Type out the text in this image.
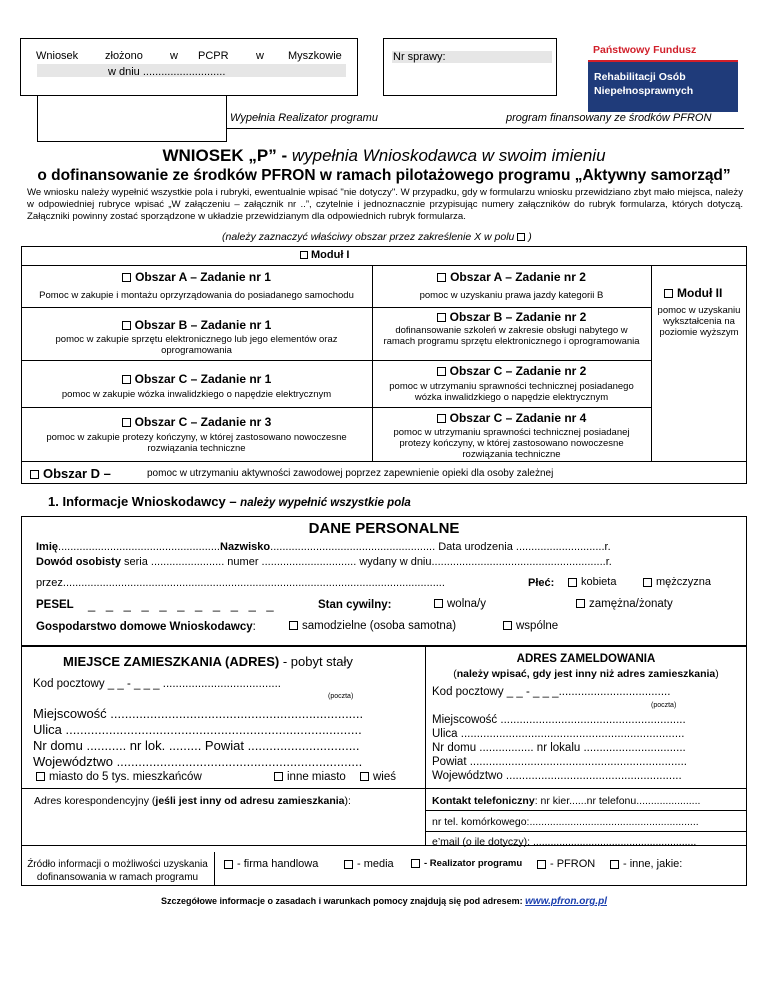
Wniosek złożono w PCPR w Myszkowie
w dniu ...........................
Nr sprawy:
Wypełnia Realizator programu	program finansowany ze środków PFRON
Państwowy Fundusz
Rehabilitacji Osób
Niepełnosprawnych
WNIOSEK „P” - wypełnia Wnioskodawca w swoim imieniu
o dofinansowanie ze środków PFRON w ramach pilotażowego programu „Aktywny samorząd”
We wniosku należy wypełnić wszystkie pola i rubryki, ewentualnie wpisać "nie dotyczy". W przypadku, gdy w formularzu wniosku przewidziano zbyt mało miejsca, należy w odpowiedniej rubryce wpisać „W załączeniu – załącznik nr ..”, czytelnie i jednoznacznie przypisując numery załączników do rubryk formularza, których dotyczą. Załączniki powinny zostać sporządzone w układzie przewidzianym dla odpowiednich rubryk formularza.
(należy zaznaczyć właściwy obszar przez zakreślenie X w polu )
Moduł I
Obszar A – Zadanie nr 1
Pomoc w zakupie i montażu oprzyrządowania do posiadanego samochodu
Obszar A – Zadanie nr 2
pomoc w uzyskaniu prawa jazdy kategorii B
Obszar B – Zadanie nr 1
pomoc w zakupie sprzętu elektronicznego lub jego elementów oraz oprogramowania
Obszar B – Zadanie nr 2
dofinansowanie szkoleń w zakresie obsługi nabytego w ramach programu sprzętu elektronicznego i oprogramowania
Obszar C – Zadanie nr 1
pomoc w zakupie wózka inwalidzkiego o napędzie elektrycznym
Obszar C – Zadanie nr 2
pomoc w utrzymaniu sprawności technicznej posiadanego wózka inwalidzkiego o napędzie elektrycznym
Obszar C – Zadanie nr 3
pomoc w zakupie protezy kończyny, w której zastosowano nowoczesne rozwiązania techniczne
Obszar C – Zadanie nr 4
pomoc w utrzymaniu sprawności technicznej posiadanej protezy kończyny, w której zastosowano nowoczesne rozwiązania techniczne
Moduł II
pomoc w uzyskaniu wykształcenia na poziomie wyższym
Obszar D –	pomoc w utrzymaniu aktywności zawodowej poprzez zapewnienie opieki dla osoby zależnej
1. Informacje Wnioskodawcy – należy wypełnić wszystkie pola
DANE PERSONALNE
Imię.....................................................Nazwisko...................................................... Data urodzenia .............................r.
Dowód osobisty seria ........................ numer ............................... wydany w dniu.........................................................r.
przez.............................................................................................................................	Płeć:	kobieta	mężczyzna
PESEL _ _ _ _ _ _ _ _ _ _ _	Stan cywilny:	wolna/y	zamężna/żonaty
Gospodarstwo domowe Wnioskodawcy:	samodzielne (osoba samotna)	wspólne
MIEJSCE ZAMIESZKANIA (ADRES) - pobyt stały
Kod pocztowy _ _ - _ _ _ .....................................
(poczta)
Miejscowość ......................................................................
Ulica ..................................................................................
Nr domu ........... nr lok. ......... Powiat ...............................
Województwo ....................................................................
miasto do 5 tys. mieszkańców	inne miasto	wieś
Adres korespondencyjny (jeśli jest inny od adresu zamieszkania):
ADRES ZAMELDOWANIA
(należy wpisać, gdy jest inny niż adres zamieszkania)
Kod pocztowy _ _ - _ _ _...................................
(poczta)
Miejscowość ..........................................................
Ulica ......................................................................
Nr domu ................. nr lokalu ................................
Powiat ....................................................................
Województwo .......................................................
Kontakt telefoniczny: nr kier......nr telefonu......................
nr tel. komórkowego:..........................................................
e’mail (o ile dotyczy): ........................................................
Źródło informacji o możliwości uzyskania dofinansowania w ramach programu
- firma handlowa	- media	- Realizator programu	- PFRON	- inne, jakie:
Szczegółowe informacje o zasadach i warunkach pomocy znajdują się pod adresem: www.pfron.org.pl
